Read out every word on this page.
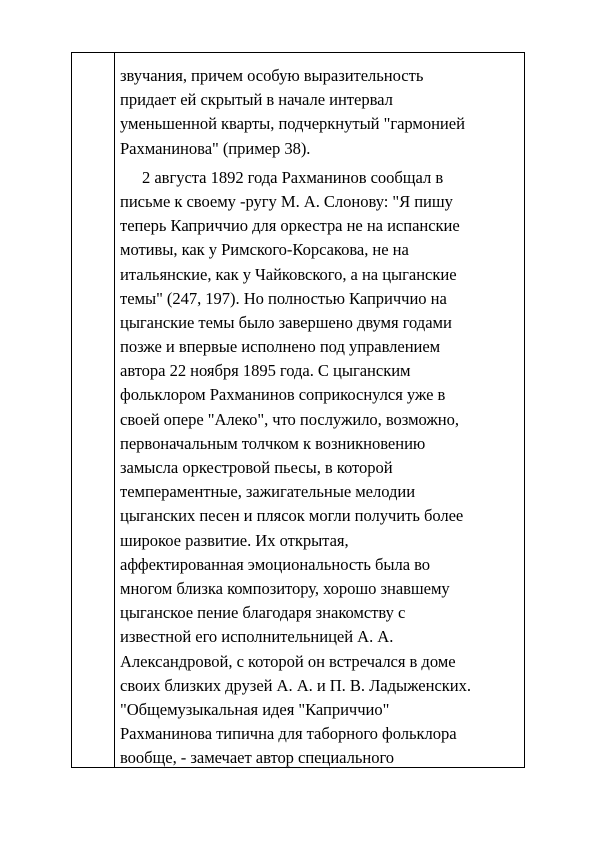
звучания, причем особую выразительность
придает ей скрытый в начале интервал
уменьшенной кварты, подчеркнутый "гармонией
Рахманинова" (пример 38).
2 августа 1892 года Рахманинов сообщал в
письме к своему -ругу М. А. Слонову: "Я пишу
теперь Каприччио для оркестра не на испанские
мотивы, как у Римского-Корсакова, не на
итальянские, как у Чайковского, а на цыганские
темы" (247, 197). Но полностью Каприччио на
цыганские темы было завершено двумя годами
позже и впервые исполнено под управлением
автора 22 ноября 1895 года. С цыганским
фольклором Рахманинов соприкоснулся уже в
своей опере "Алеко", что послужило, возможно,
первоначальным толчком к возникновению
замысла оркестровой пьесы, в которой
темпераментные, зажигательные мелодии
цыганских песен и плясок могли получить более
широкое развитие. Их открытая,
аффектированная эмоциональность была во
многом близка композитору, хорошо знавшему
цыганское пение благодаря знакомству с
известной его исполнительницей А. А.
Александровой, с которой он встречался в доме
своих близких друзей А. А. и П. В. Ладыженских.
"Общемузыкальная идея "Каприччио"
Рахманинова типична для таборного фольклора
вообще, - замечает автор специального
